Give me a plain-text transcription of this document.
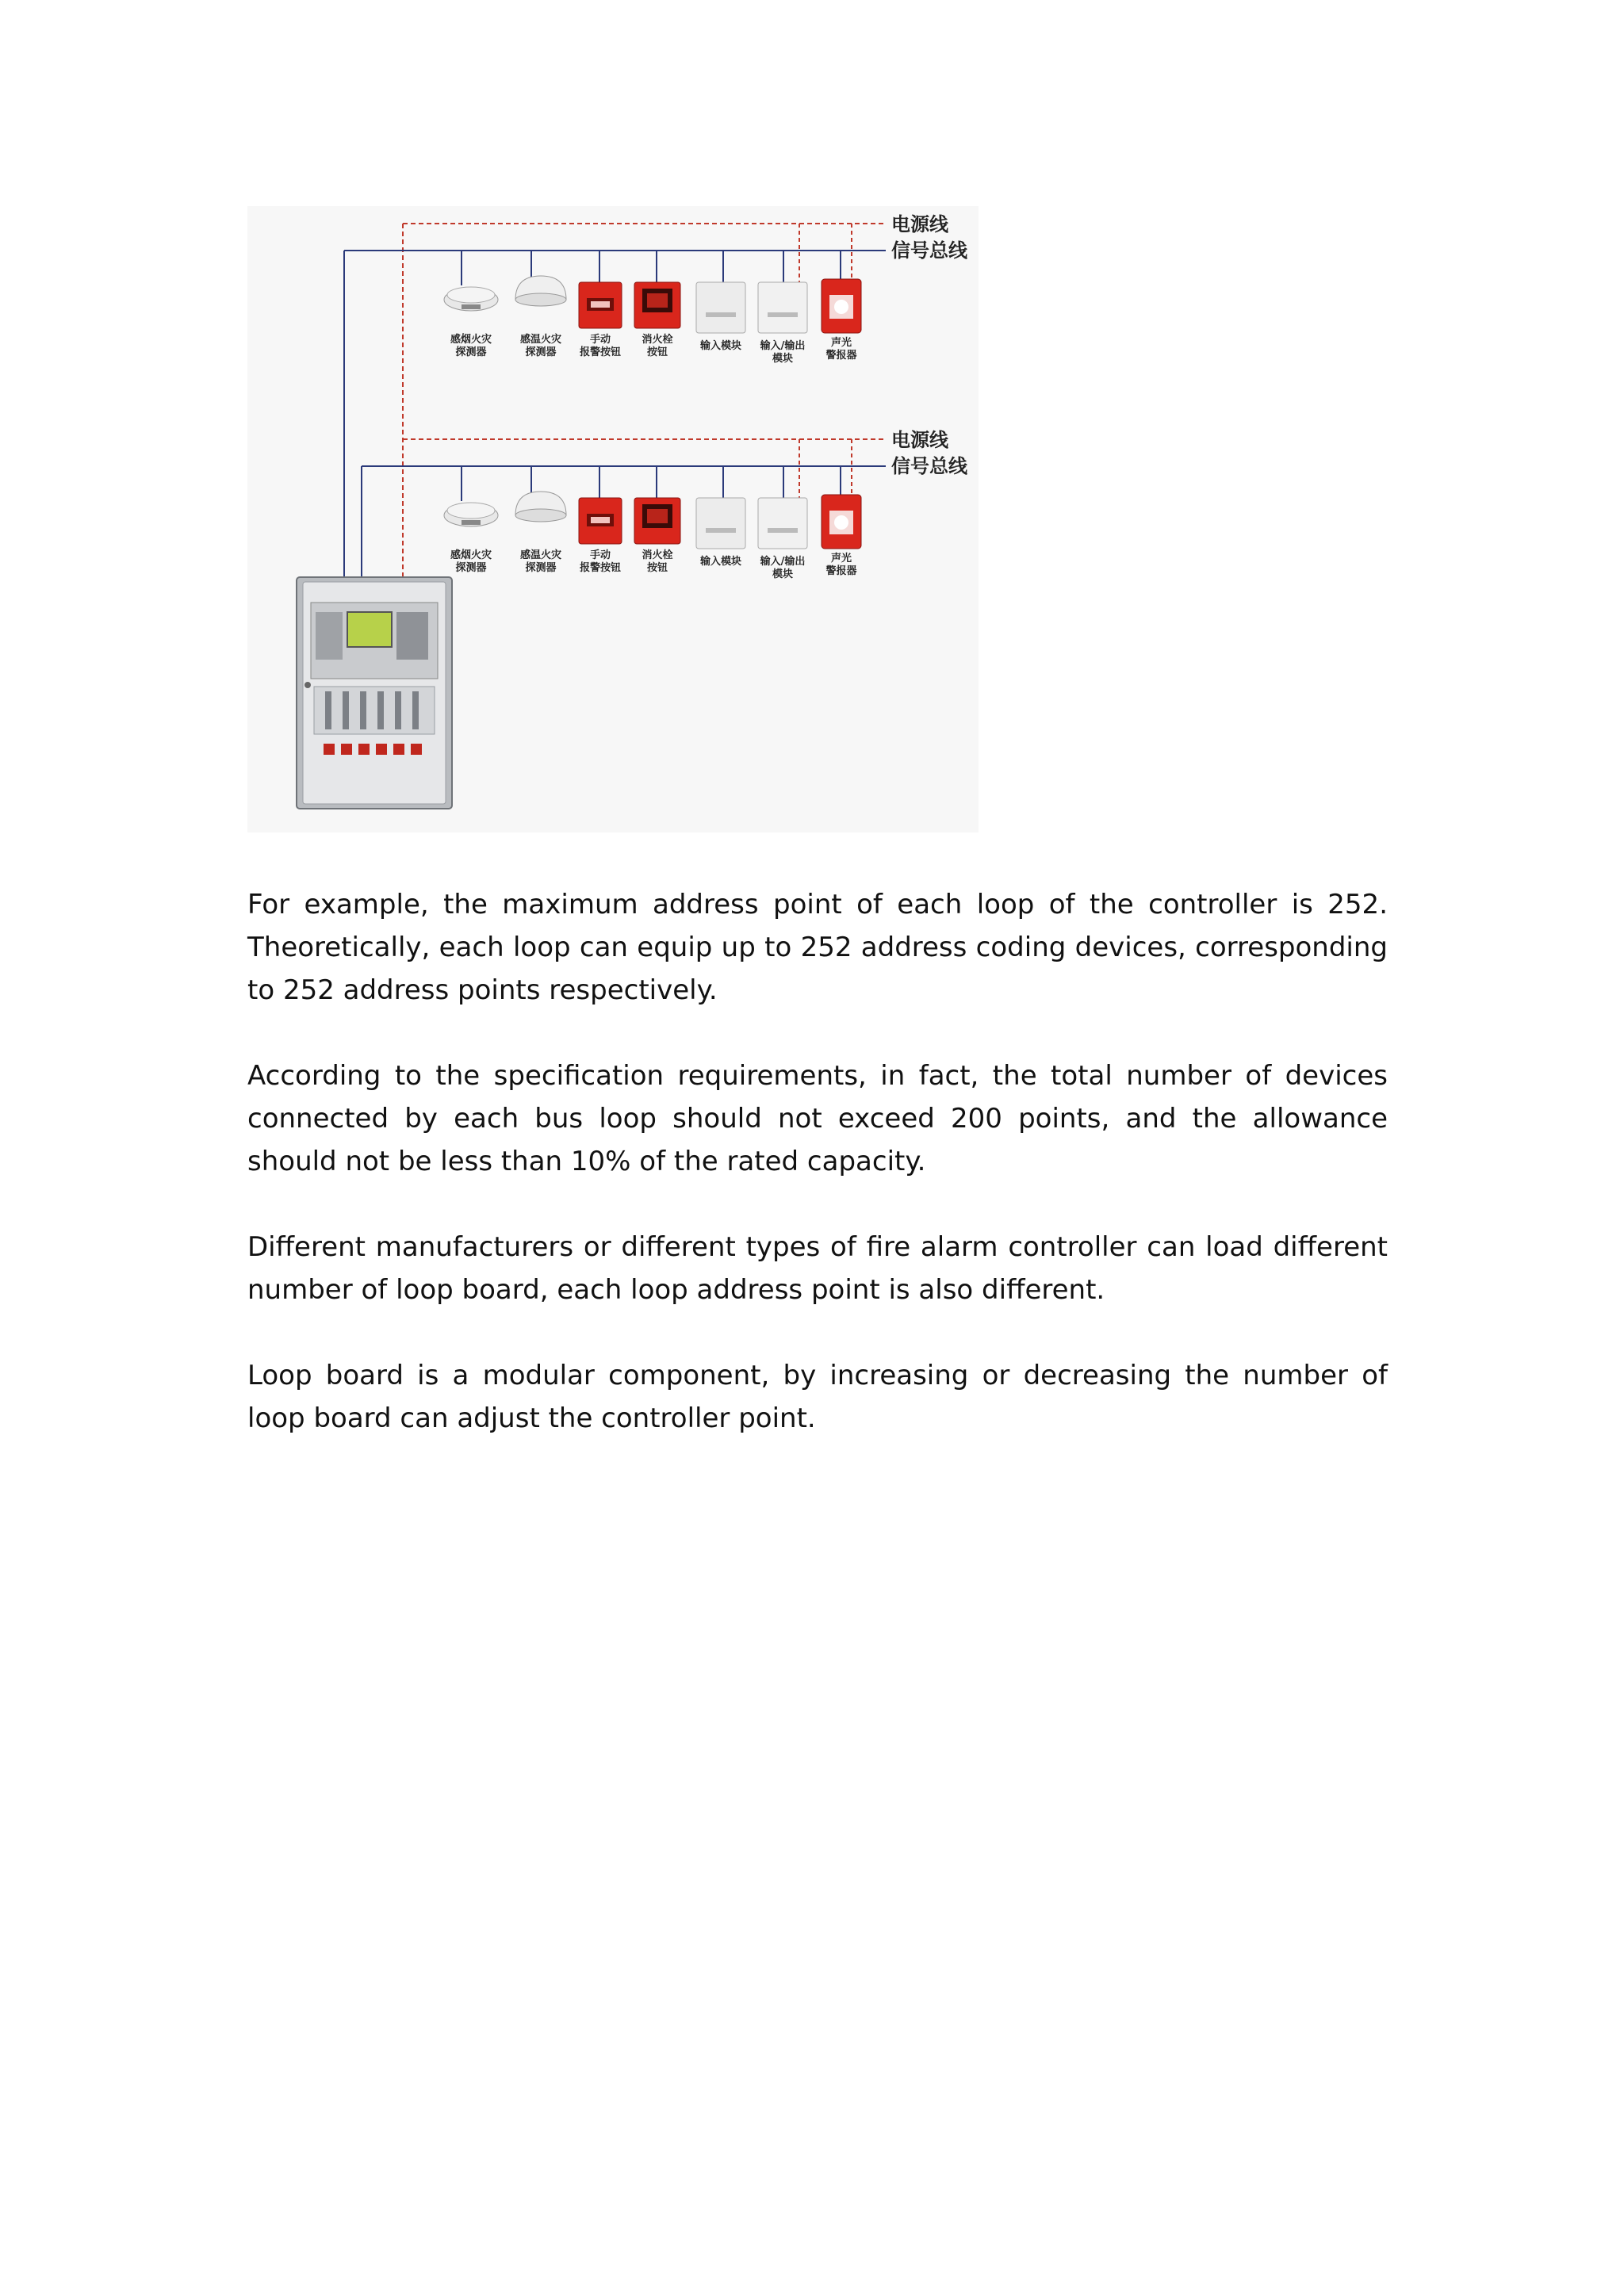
电源线
信号总线
电源线
信号总线
感烟火灾
探测器
感温火灾
探测器
手动
报警按钮
消火栓
按钮
输入模块 输入/输出
模块
声光
警报器
感烟火灾
探测器
感温火灾
探测器
手动
报警按钮
消火栓
按钮
输入模块 输入/输出
模块
声光
警报器

For example, the maximum address point of each loop of the controller is 252. Theoretically, each loop can equip up to 252 address coding devices, corresponding to 252 address points respectively.

According to the specification requirements, in fact, the total number of devices connected by each bus loop should not exceed 200 points, and the allowance should not be less than 10% of the rated capacity.

Different manufacturers or different types of fire alarm controller can load different number of loop board, each loop address point is also different.

Loop board is a modular component, by increasing or decreasing the number of loop board can adjust the controller point.
